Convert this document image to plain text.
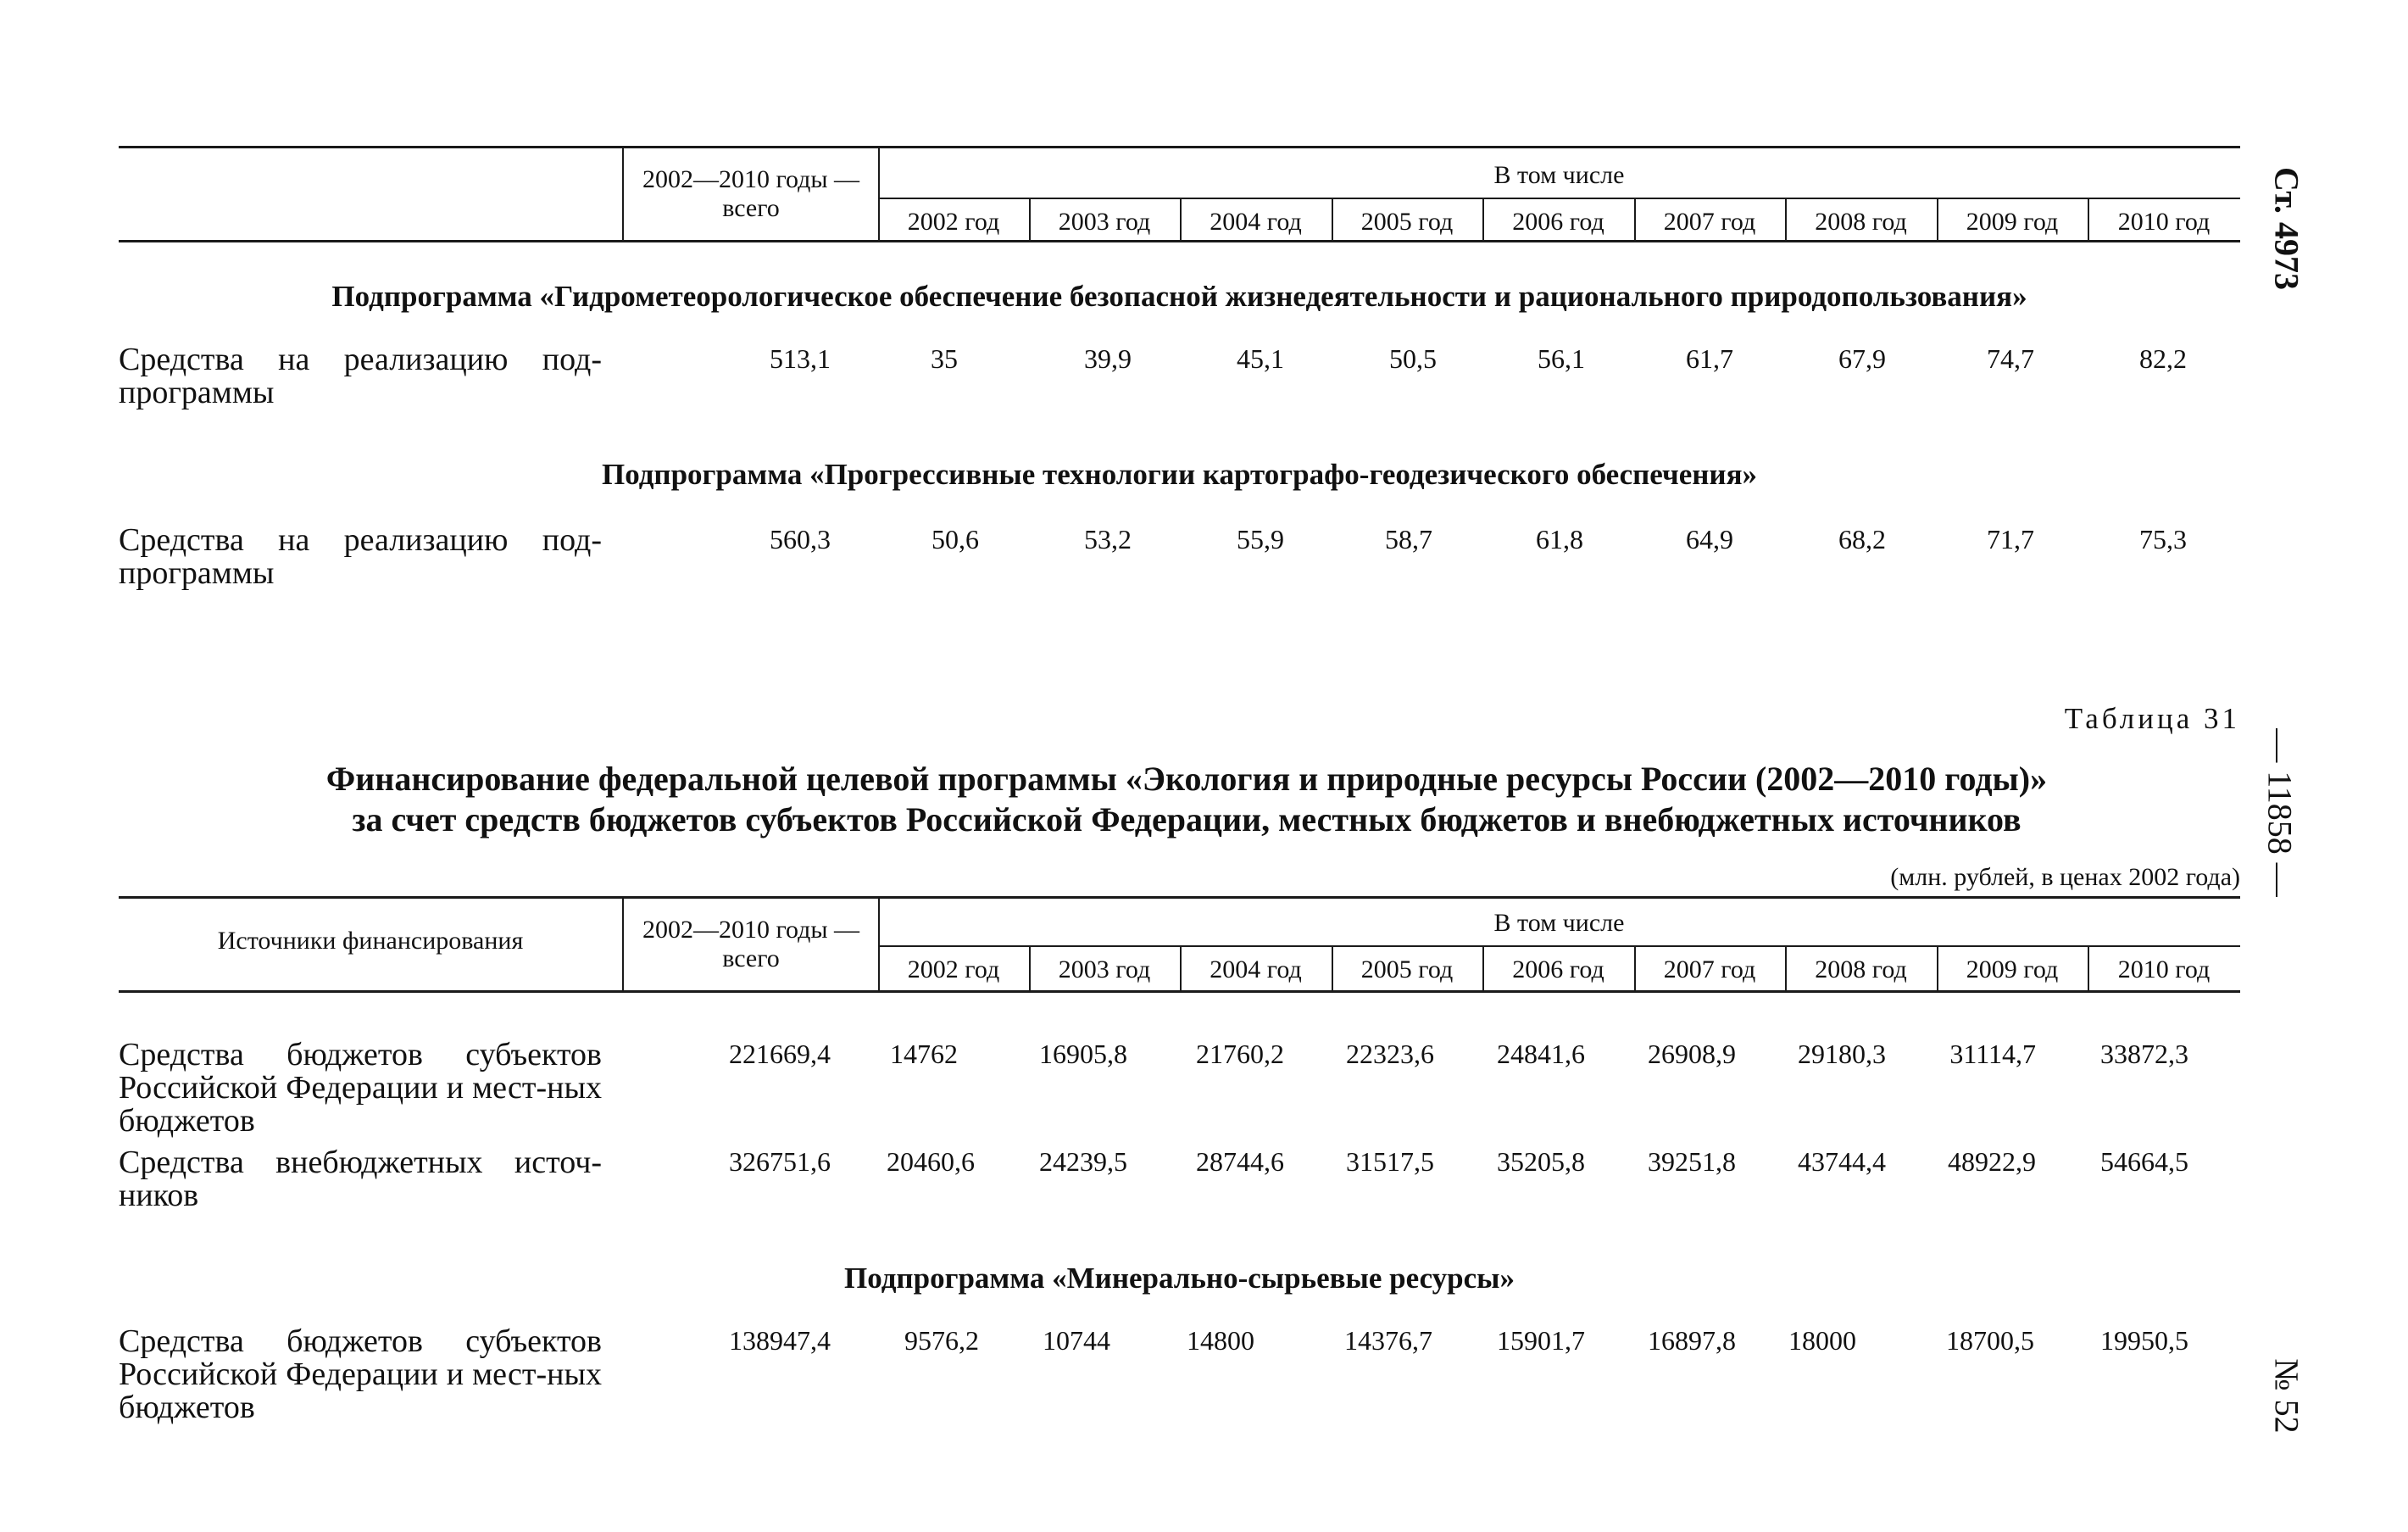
2002—2010 годы — всего
В том числе
2002 год	2003 год	2004 год	2005 год	2006 год	2007 год	2008 год	2009 год	2010 год
Подпрограмма «Гидрометеорологическое обеспечение безопасной жизнедеятельности и рационального природопользования»
Средства на реализацию под-программы
513,1	35	39,9	45,1	50,5	56,1	61,7	67,9	74,7	82,2
Подпрограмма «Прогрессивные технологии картографо-геодезического обеспечения»
Средства на реализацию под-программы
560,3	50,6	53,2	55,9	58,7	61,8	64,9	68,2	71,7	75,3
Таблица 31
Финансирование федеральной целевой программы «Экология и природные ресурсы России (2002—2010 годы)»
за счет средств бюджетов субъектов Российской Федерации, местных бюджетов и внебюджетных источников
(млн. рублей, в ценах 2002 года)
Источники финансирования	2002—2010 годы — всего
В том числе
2002 год	2003 год	2004 год	2005 год	2006 год	2007 год	2008 год	2009 год	2010 год
Средства бюджетов субъектов Российской Федерации и мест-ных бюджетов
221669,4	14762	16905,8	21760,2	22323,6	24841,6	26908,9	29180,3	31114,7	33872,3
Средства внебюджетных источ-ников
326751,6	20460,6	24239,5	28744,6	31517,5	35205,8	39251,8	43744,4	48922,9	54664,5
Подпрограмма «Минерально-сырьевые ресурсы»
Средства бюджетов субъектов Российской Федерации и мест-ных бюджетов
138947,4	9576,2	10744	14800	14376,7	15901,7	16897,8	18000	18700,5	19950,5
Ст. 4973
— 11858 —
№ 52
